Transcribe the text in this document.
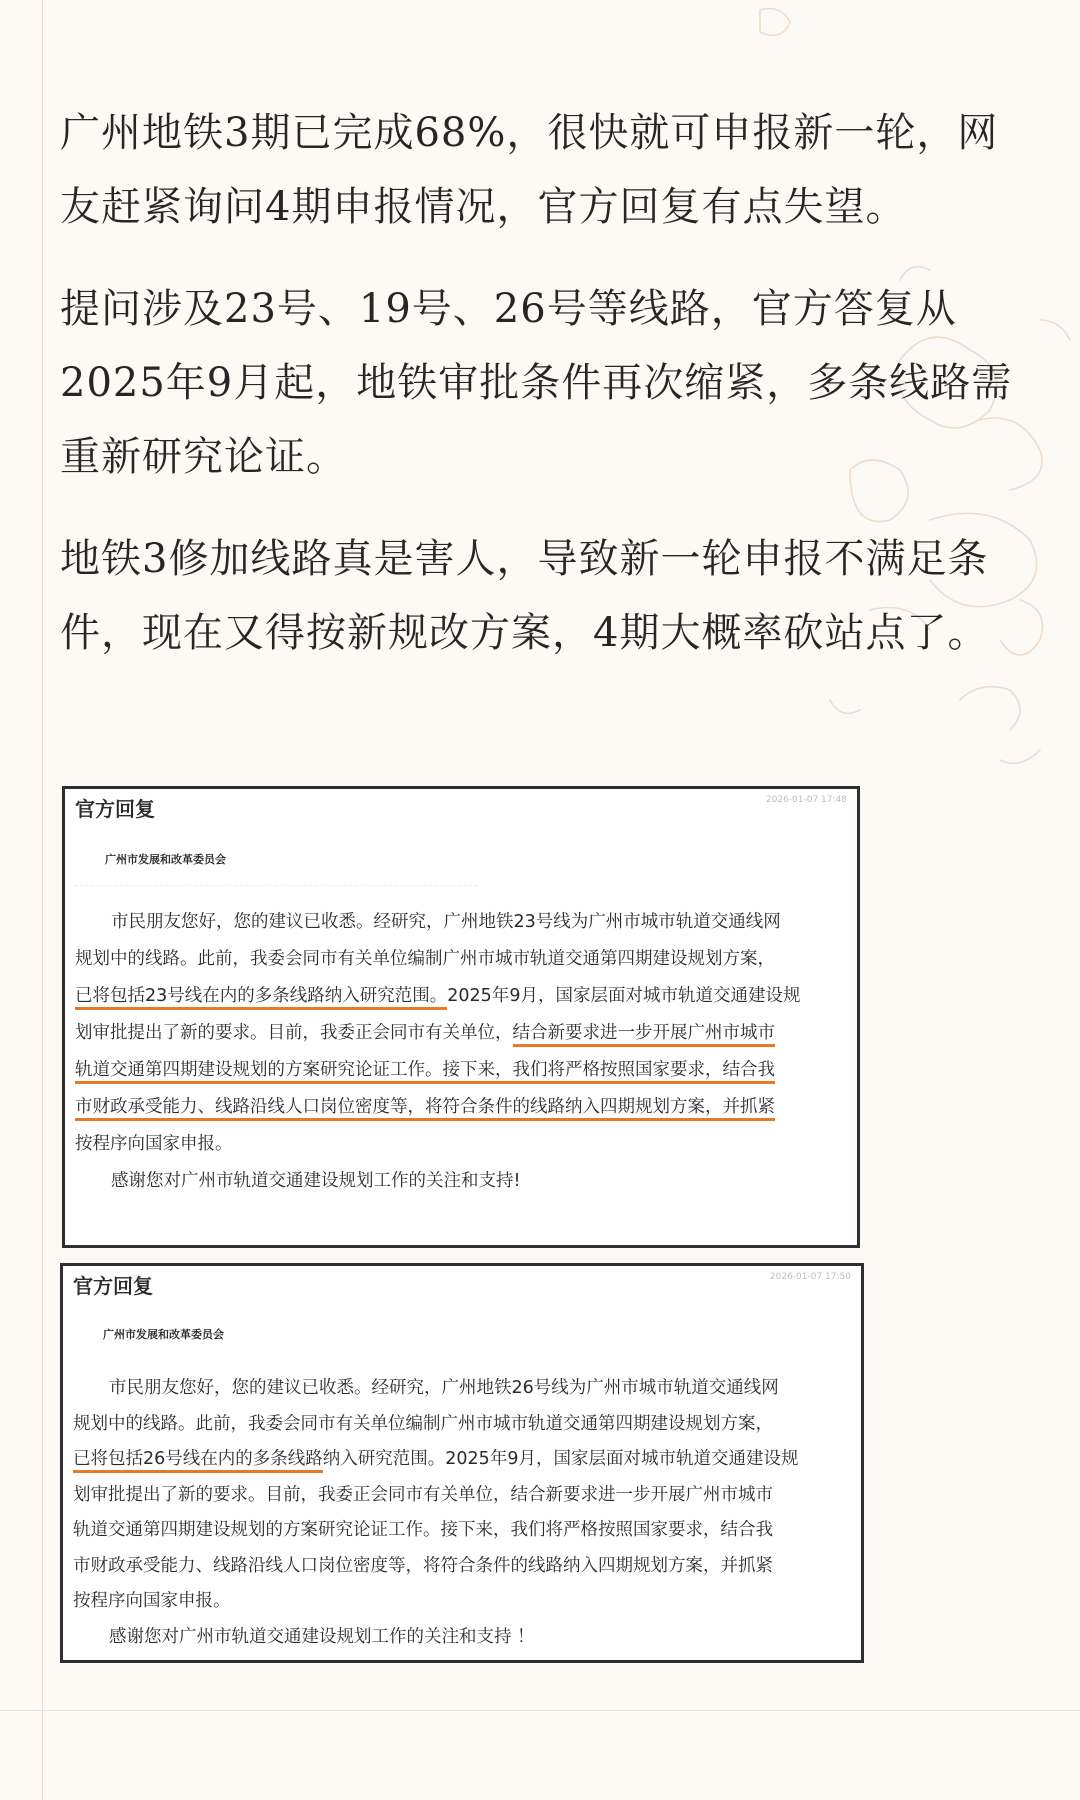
广州地铁3期已完成68%，很快就可申报新一轮，网友赶紧询问4期申报情况，官方回复有点失望。

提问涉及23号、19号、26号等线路，官方答复从2025年9月起，地铁审批条件再次缩紧，多条线路需重新研究论证。

地铁3修加线路真是害人，导致新一轮申报不满足条件，现在又得按新规改方案，4期大概率砍站点了。

官方回复	2026-01-07 17:48
广州市发展和改革委员会
市民朋友您好，您的建议已收悉。经研究，广州地铁23号线为广州市城市轨道交通线网
规划中的线路。此前，我委会同市有关单位编制广州市城市轨道交通第四期建设规划方案，
已将包括23号线在内的多条线路纳入研究范围。2025年9月，国家层面对城市轨道交通建设规
划审批提出了新的要求。目前，我委正会同市有关单位，结合新要求进一步开展广州市城市
轨道交通第四期建设规划的方案研究论证工作。接下来，我们将严格按照国家要求，结合我
市财政承受能力、线路沿线人口岗位密度等，将符合条件的线路纳入四期规划方案，并抓紧
按程序向国家申报。
感谢您对广州市轨道交通建设规划工作的关注和支持!
官方回复	2026-01-07 17:50
广州市发展和改革委员会
市民朋友您好，您的建议已收悉。经研究，广州地铁26号线为广州市城市轨道交通线网
规划中的线路。此前，我委会同市有关单位编制广州市城市轨道交通第四期建设规划方案，
已将包括26号线在内的多条线路纳入研究范围。2025年9月，国家层面对城市轨道交通建设规
划审批提出了新的要求。目前，我委正会同市有关单位，结合新要求进一步开展广州市城市
轨道交通第四期建设规划的方案研究论证工作。接下来，我们将严格按照国家要求，结合我
市财政承受能力、线路沿线人口岗位密度等，将符合条件的线路纳入四期规划方案，并抓紧
按程序向国家申报。
感谢您对广州市轨道交通建设规划工作的关注和支持 ！
